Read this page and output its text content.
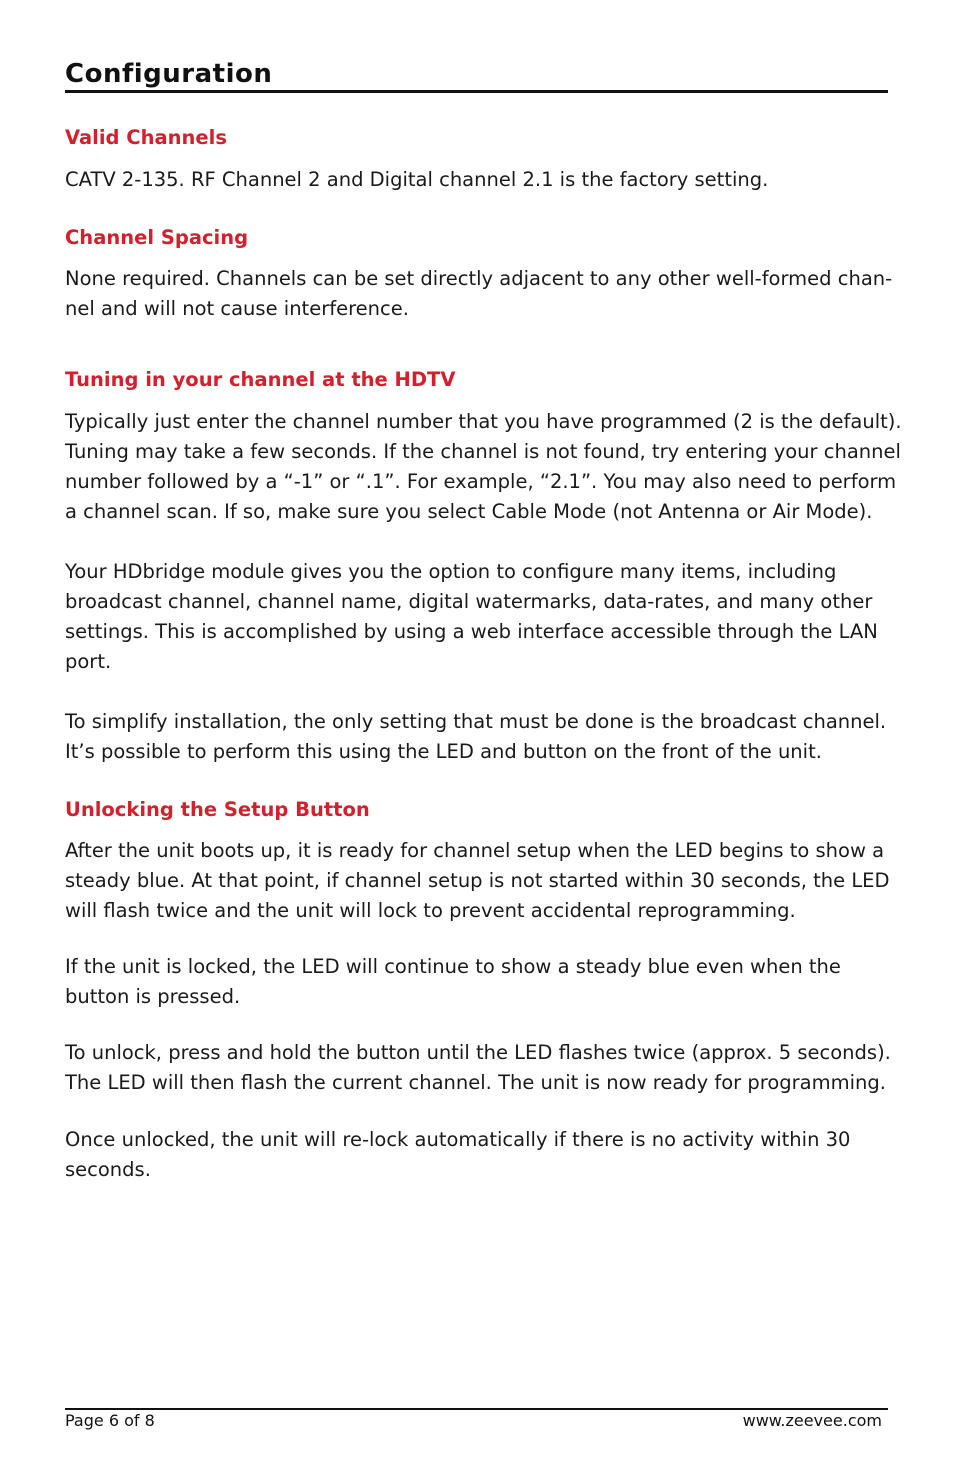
Configuration
Valid Channels
CATV 2-135. RF Channel 2 and Digital channel 2.1 is the factory setting.
Channel Spacing
None required. Channels can be set directly adjacent to any other well-formed chan-
nel and will not cause interference.
Tuning in your channel at the HDTV
Typically just enter the channel number that you have programmed (2 is the default).
Tuning may take a few seconds. If the channel is not found, try entering your channel
number followed by a “-1” or “.1”. For example, “2.1”. You may also need to perform
a channel scan. If so, make sure you select Cable Mode (not Antenna or Air Mode).
Your HDbridge module gives you the option to configure many items, including
broadcast channel, channel name, digital watermarks, data-rates, and many other
settings. This is accomplished by using a web interface accessible through the LAN
port.
To simplify installation, the only setting that must be done is the broadcast channel.
It’s possible to perform this using the LED and button on the front of the unit.
Unlocking the Setup Button
After the unit boots up, it is ready for channel setup when the LED begins to show a
steady blue. At that point, if channel setup is not started within 30 seconds, the LED
will flash twice and the unit will lock to prevent accidental reprogramming.
If the unit is locked, the LED will continue to show a steady blue even when the
button is pressed.
To unlock, press and hold the button until the LED flashes twice (approx. 5 seconds).
The LED will then flash the current channel. The unit is now ready for programming.
Once unlocked, the unit will re-lock automatically if there is no activity within 30
seconds.
Page 6 of 8	www.zeevee.com
